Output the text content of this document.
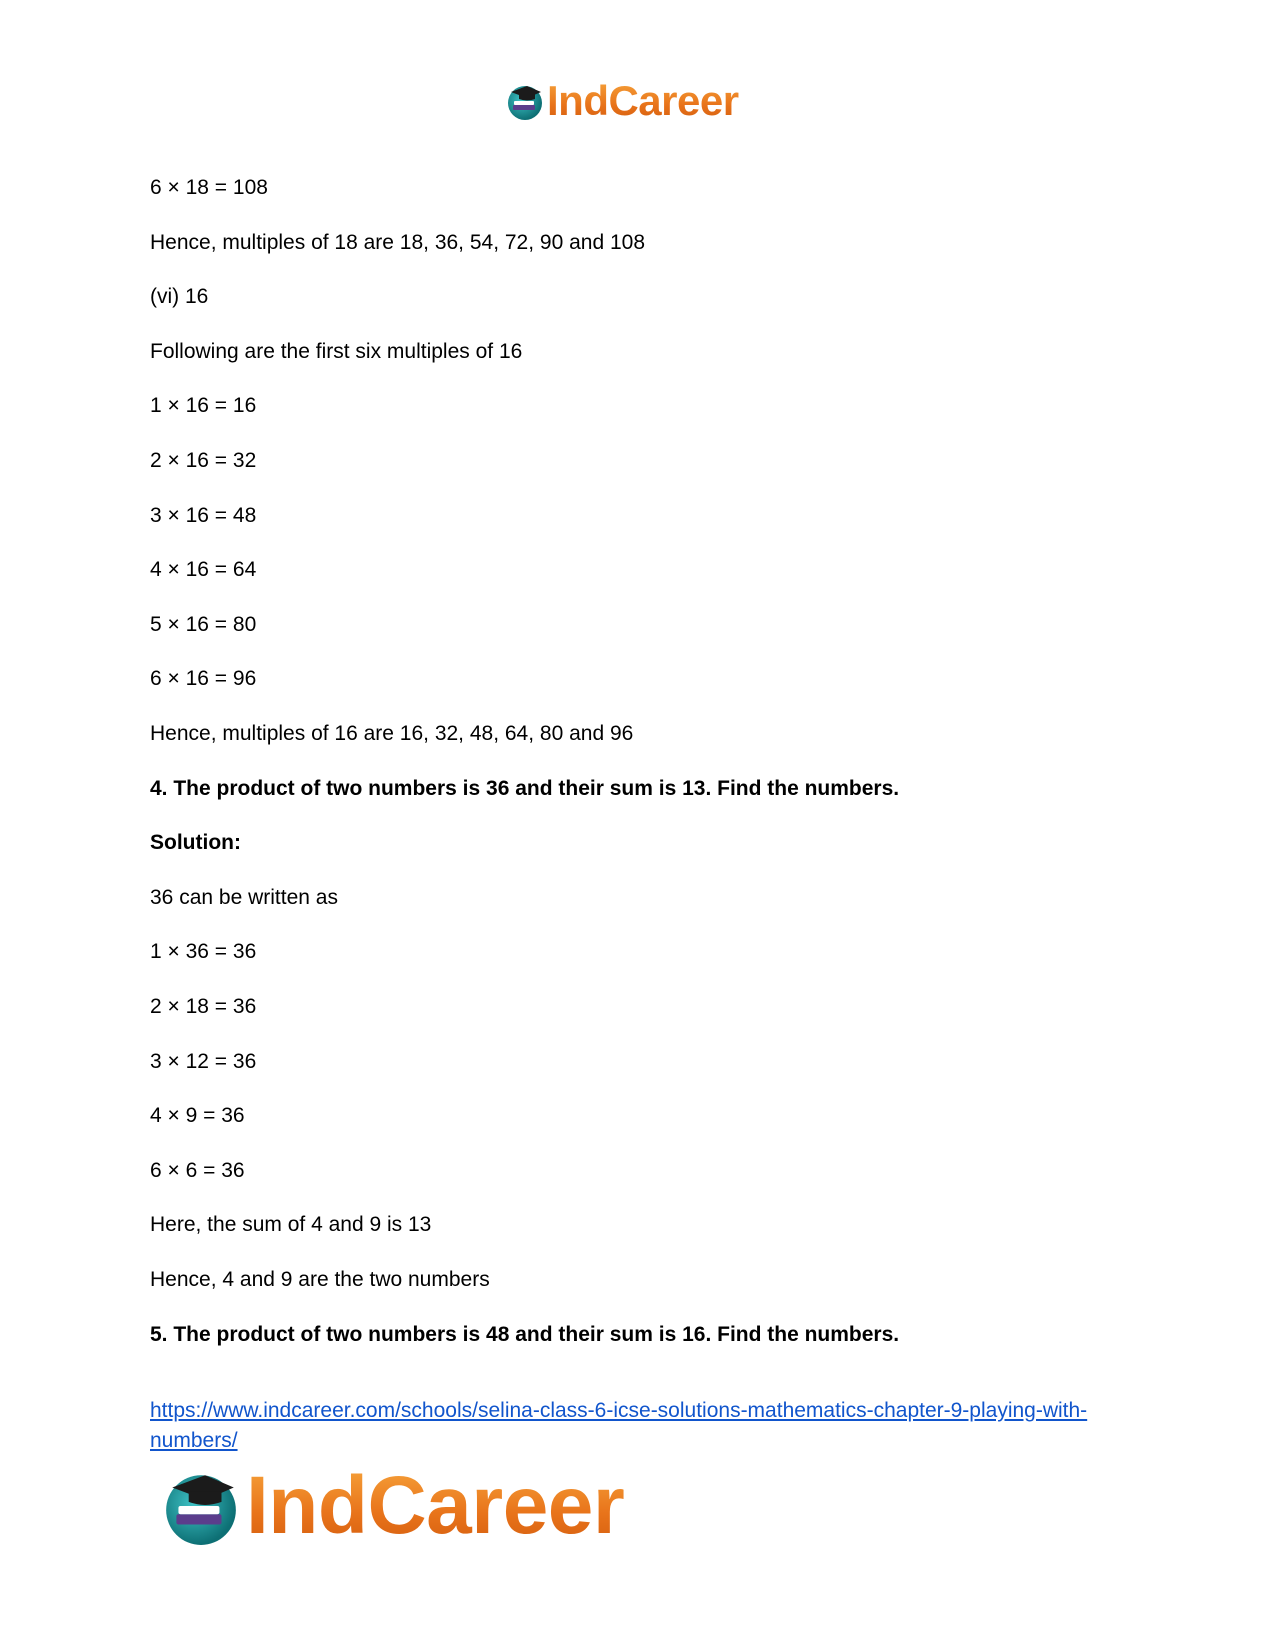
IndCareer
6 × 18 = 108
Hence, multiples of 18 are 18, 36, 54, 72, 90 and 108
(vi) 16
Following are the first six multiples of 16
1 × 16 = 16
2 × 16 = 32
3 × 16 = 48
4 × 16 = 64
5 × 16 = 80
6 × 16 = 96
Hence, multiples of 16 are 16, 32, 48, 64, 80 and 96
4. The product of two numbers is 36 and their sum is 13. Find the numbers.
Solution:
36 can be written as
1 × 36 = 36
2 × 18 = 36
3 × 12 = 36
4 × 9 = 36
6 × 6 = 36
Here, the sum of 4 and 9 is 13
Hence, 4 and 9 are the two numbers
5. The product of two numbers is 48 and their sum is 16. Find the numbers.
https://www.indcareer.com/schools/selina-class-6-icse-solutions-mathematics-chapter-9-playing-with-numbers/
IndCareer
